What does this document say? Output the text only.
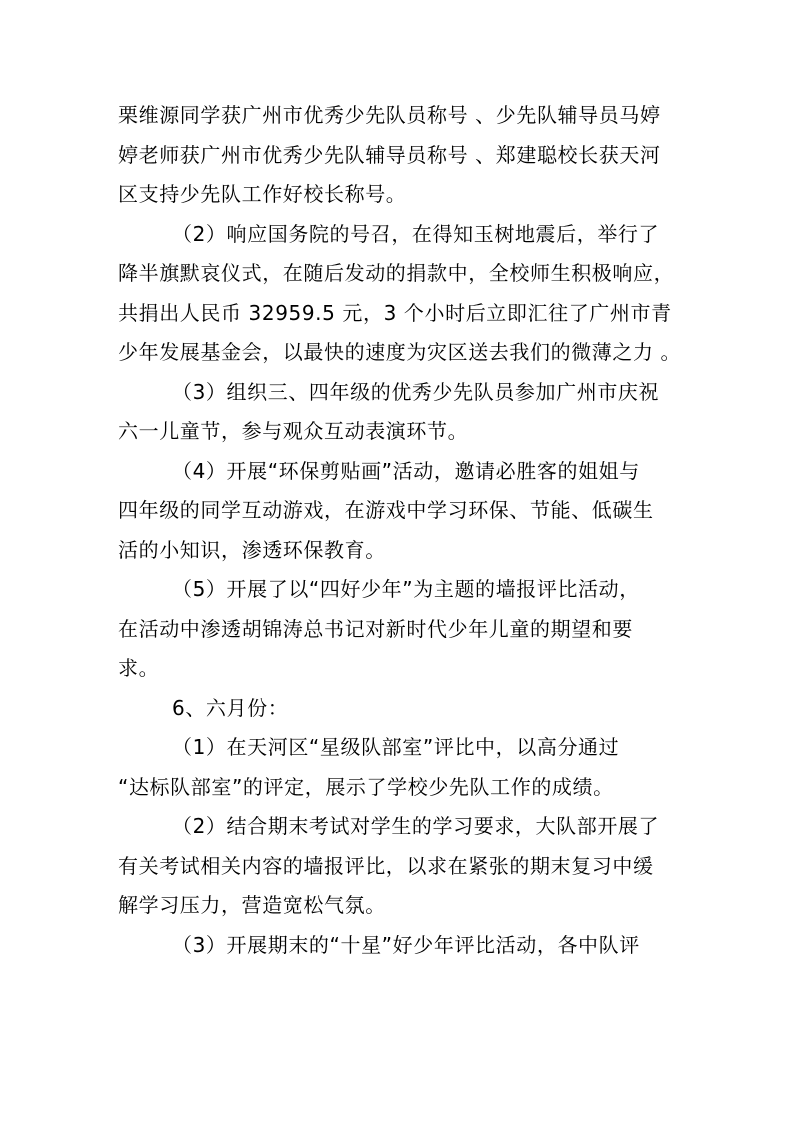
栗维源同学获广州市优秀少先队员称号 、少先队辅导员马婷
婷老师获广州市优秀少先队辅导员称号 、郑建聪校长获天河
区支持少先队工作好校长称号。
（2）响应国务院的号召，在得知玉树地震后，举行了
降半旗默哀仪式，在随后发动的捐款中，全校师生积极响应，
共捐出人民币 32959.5 元，3 个小时后立即汇往了广州市青
少年发展基金会，以最快的速度为灾区送去我们的微薄之力 。
（3）组织三、四年级的优秀少先队员参加广州市庆祝
六一儿童节，参与观众互动表演环节。
（4）开展“环保剪贴画”活动，邀请必胜客的姐姐与
四年级的同学互动游戏，在游戏中学习环保、节能、低碳生
活的小知识，渗透环保教育。
（5）开展了以“四好少年”为主题的墙报评比活动，
在活动中渗透胡锦涛总书记对新时代少年儿童的期望和要
求。
6、六月份：
（1）在天河区“星级队部室”评比中，以高分通过
“达标队部室”的评定，展示了学校少先队工作的成绩。
（2）结合期末考试对学生的学习要求，大队部开展了
有关考试相关内容的墙报评比，以求在紧张的期末复习中缓
解学习压力，营造宽松气氛。
（3）开展期末的“十星”好少年评比活动，各中队评
